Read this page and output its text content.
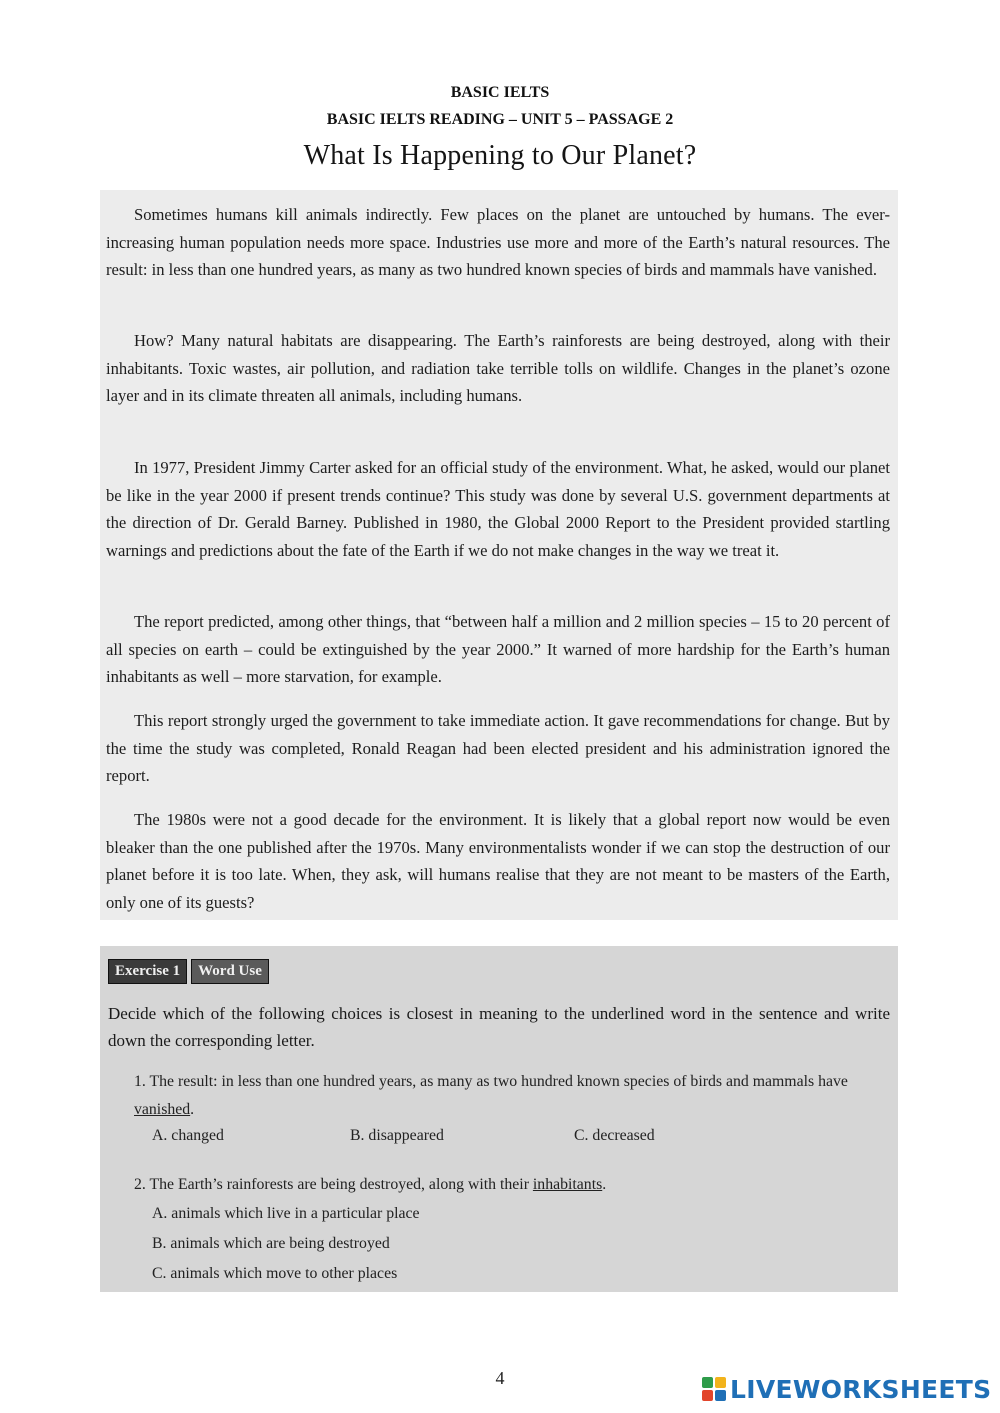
BASIC IELTS
BASIC IELTS READING – UNIT 5 – PASSAGE 2
What Is Happening to Our Planet?

Sometimes humans kill animals indirectly. Few places on the planet are untouched by humans. The ever-increasing human population needs more space. Industries use more and more of the Earth’s natural resources. The result: in less than one hundred years, as many as two hundred known species of birds and mammals have vanished.

How? Many natural habitats are disappearing. The Earth’s rainforests are being destroyed, along with their inhabitants. Toxic wastes, air pollution, and radiation take terrible tolls on wildlife. Changes in the planet’s ozone layer and in its climate threaten all animals, including humans.

In 1977, President Jimmy Carter asked for an official study of the environment. What, he asked, would our planet be like in the year 2000 if present trends continue? This study was done by several U.S. government departments at the direction of Dr. Gerald Barney. Published in 1980, the Global 2000 Report to the President provided startling warnings and predictions about the fate of the Earth if we do not make changes in the way we treat it.

The report predicted, among other things, that “between half a million and 2 million species – 15 to 20 percent of all species on earth – could be extinguished by the year 2000.” It warned of more hardship for the Earth’s human inhabitants as well – more starvation, for example.

This report strongly urged the government to take immediate action. It gave recommendations for change. But by the time the study was completed, Ronald Reagan had been elected president and his administration ignored the report.

The 1980s were not a good decade for the environment. It is likely that a global report now would be even bleaker than the one published after the 1970s. Many environmentalists wonder if we can stop the destruction of our planet before it is too late. When, they ask, will humans realise that they are not meant to be masters of the Earth, only one of its guests?

Exercise 1	Word Use

Decide which of the following choices is closest in meaning to the underlined word in the sentence and write down the corresponding letter.

1. The result: in less than one hundred years, as many as two hundred known species of birds and mammals have vanished.

A. changed	B. disappeared	C. decreased

2. The Earth’s rainforests are being destroyed, along with their inhabitants.

A. animals which live in a particular place
B. animals which are being destroyed
C. animals which move to other places
4	LIVEWORKSHEETS
